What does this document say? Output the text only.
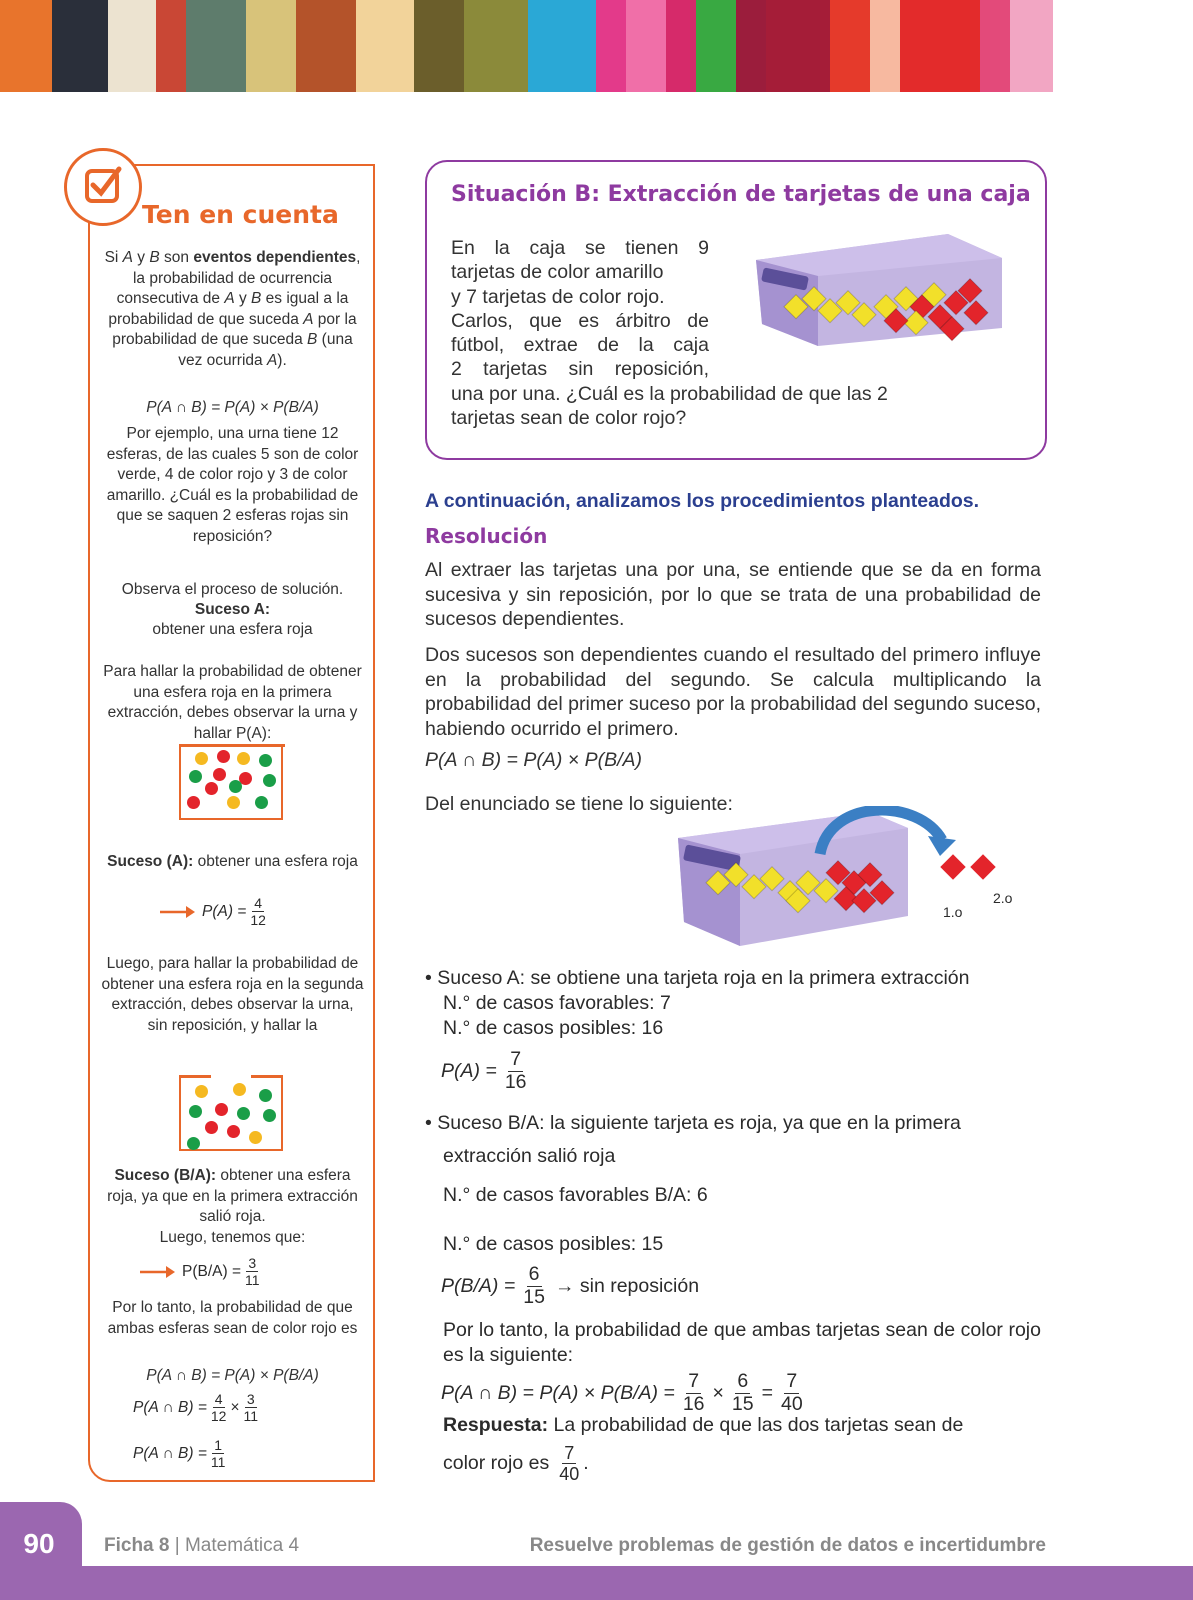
Ten en cuenta
Si A y B son eventos dependientes, la probabilidad de ocurrencia consecutiva de A y B es igual a la probabilidad de que suceda A por la probabilidad de que suceda B (una vez ocurrida A).
P(A ∩ B) = P(A) × P(B/A)
Por ejemplo, una urna tiene 12 esferas, de las cuales 5 son de color verde, 4 de color rojo y 3 de color amarillo. ¿Cuál es la probabilidad de que se saquen 2 esferas rojas sin reposición?
Observa el proceso de solución.
Suceso A:
obtener una esfera roja
Para hallar la probabilidad de obtener una esfera roja en la primera extracción, debes observar la urna y hallar P(A):
Suceso (A): obtener una esfera roja
$P(A) = \frac{4}{12}$
Luego, para hallar la probabilidad de obtener una esfera roja en la segunda extracción, debes observar la urna, sin reposición, y hallar la
Suceso (B/A): obtener una esfera roja, ya que en la primera extracción salió roja.
Luego, tenemos que:
$P(B/A) = \frac{3}{11}$
Por lo tanto, la probabilidad de que ambas esferas sean de color rojo es
P(A ∩ B) = P(A) × P(B/A)
P(A ∩ $B) = \frac{4}{12} \times \frac{3}{11}$
P(A ∩ $B) = \frac{1}{11}$
Situación B: Extracción de tarjetas de una caja
En la caja se tienen 9
tarjetas de color amarillo
y 7 tarjetas de color rojo.
Carlos, que es árbitro de
fútbol, extrae de la caja
2 tarjetas sin reposición,
una por una. ¿Cuál es la probabilidad de que las 2
tarjetas sean de color rojo?
A continuación, analizamos los procedimientos planteados.
Resolución
Al extraer las tarjetas una por una, se entiende que se da en forma sucesiva y sin reposición, por lo que se trata de una probabilidad de sucesos dependientes.
Dos sucesos son dependientes cuando el resultado del primero influye en la probabilidad del segundo. Se calcula multiplicando la probabilidad del primer suceso por la probabilidad del segundo suceso, habiendo ocurrido el primero.
P(A ∩ B) = P(A) × P(B/A)
Del enunciado se tiene lo siguiente:
1.o
2.o
• Suceso A: se obtiene una tarjeta roja en la primera extracción
N.° de casos favorables: 7
N.° de casos posibles: 16
$P(A) = \frac{7}{16}$
• Suceso B/A: la siguiente tarjeta es roja, ya que en la primera
extracción salió roja
N.° de casos favorables B/A: 6
N.° de casos posibles: 15
$P(B/A) = \frac{6}{15} \to \sin$ reposición
Por lo tanto, la probabilidad de que ambas tarjetas sean de color rojo es la siguiente:
P(A ∩ $B) = P(A) \times P(B/A) = \frac{7}{16} \times \frac{6}{15} = \frac{7}{40}$
Respuesta: La probabilidad de que las dos tarjetas sean de
color rojo es $\frac{7}{40}$ .
90	Ficha 8 | Matemática 4	Resuelve problemas de gestión de datos e incertidumbre
